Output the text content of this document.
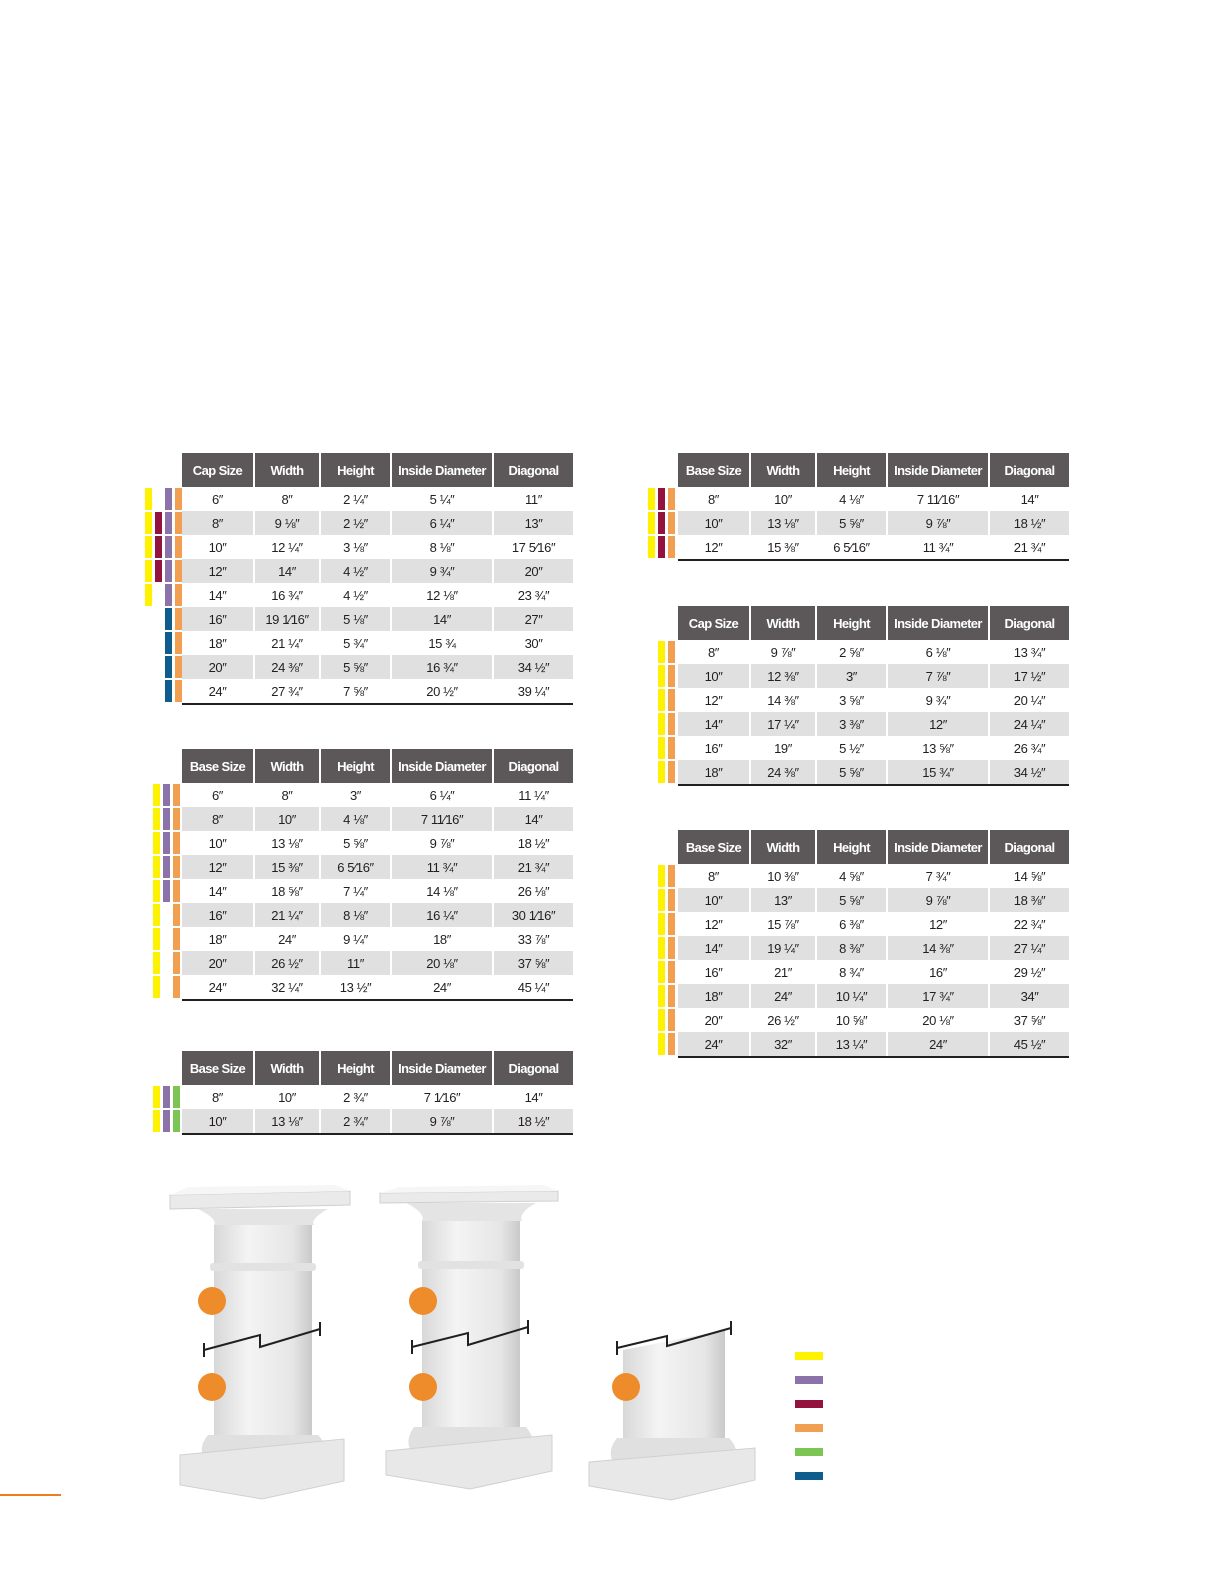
Cap Size	Width	Height	Inside Diameter	Diagonal
6″	8″	2 ¼″	5 ¼″	11″
8″	9 ⅛″	2 ½″	6 ¼″	13″
10″	12 ¼″	3 ⅛″	8 ⅛″	17 5⁄16″
12″	14″	4 ½″	9 ¾″	20″
14″	16 ¾″	4 ½″	12 ⅛″	23 ¾″
16″	19 1⁄16″	5 ⅛″	14″	27″
18″	21 ¼″	5 ¾″	15 ¾	30″
20″	24 ⅜″	5 ⅝″	16 ¾″	34 ½″
24″	27 ¾″	7 ⅝″	20 ½″	39 ¼″
Base Size	Width	Height	Inside Diameter	Diagonal
6″	8″	3″	6 ¼″	11 ¼″
8″	10″	4 ⅛″	7 11⁄16″	14″
10″	13 ⅛″	5 ⅝″	9 ⅞″	18 ½″
12″	15 ⅜″	6 5⁄16″	11 ¾″	21 ¾″
14″	18 ⅝″	7 ¼″	14 ⅛″	26 ⅛″
16″	21 ¼″	8 ⅛″	16 ¼″	30 1⁄16″
18″	24″	9 ¼″	18″	33 ⅞″
20″	26 ½″	11″	20 ⅛″	37 ⅝″
24″	32 ¼″	13 ½″	24″	45 ¼″
Base Size	Width	Height	Inside Diameter	Diagonal
8″	10″	2 ¾″	7 1⁄16″	14″
10″	13 ⅛″	2 ¾″	9 ⅞″	18 ½″
Base Size	Width	Height	Inside Diameter	Diagonal
8″	10″	4 ⅛″	7 11⁄16″	14″
10″	13 ⅛″	5 ⅝″	9 ⅞″	18 ½″
12″	15 ⅜″	6 5⁄16″	11 ¾″	21 ¾″
Cap Size	Width	Height	Inside Diameter	Diagonal
8″	9 ⅞″	2 ⅝″	6 ⅛″	13 ¾″
10″	12 ⅜″	3″	7 ⅞″	17 ½″
12″	14 ⅜″	3 ⅝″	9 ¾″	20 ¼″
14″	17 ¼″	3 ⅜″	12″	24 ¼″
16″	19″	5 ½″	13 ⅝″	26 ¾″
18″	24 ⅜″	5 ⅝″	15 ¾″	34 ½″
Base Size	Width	Height	Inside Diameter	Diagonal
8″	10 ⅜″	4 ⅝″	7 ¾″	14 ⅝″
10″	13″	5 ⅝″	9 ⅞″	18 ⅜″
12″	15 ⅞″	6 ⅜″	12″	22 ¾″
14″	19 ¼″	8 ⅜″	14 ⅜″	27 ¼″
16″	21″	8 ¾″	16″	29 ½″
18″	24″	10 ¼″	17 ¾″	34″
20″	26 ½″	10 ⅝″	20 ⅛″	37 ⅝″
24″	32″	13 ¼″	24″	45 ½″
